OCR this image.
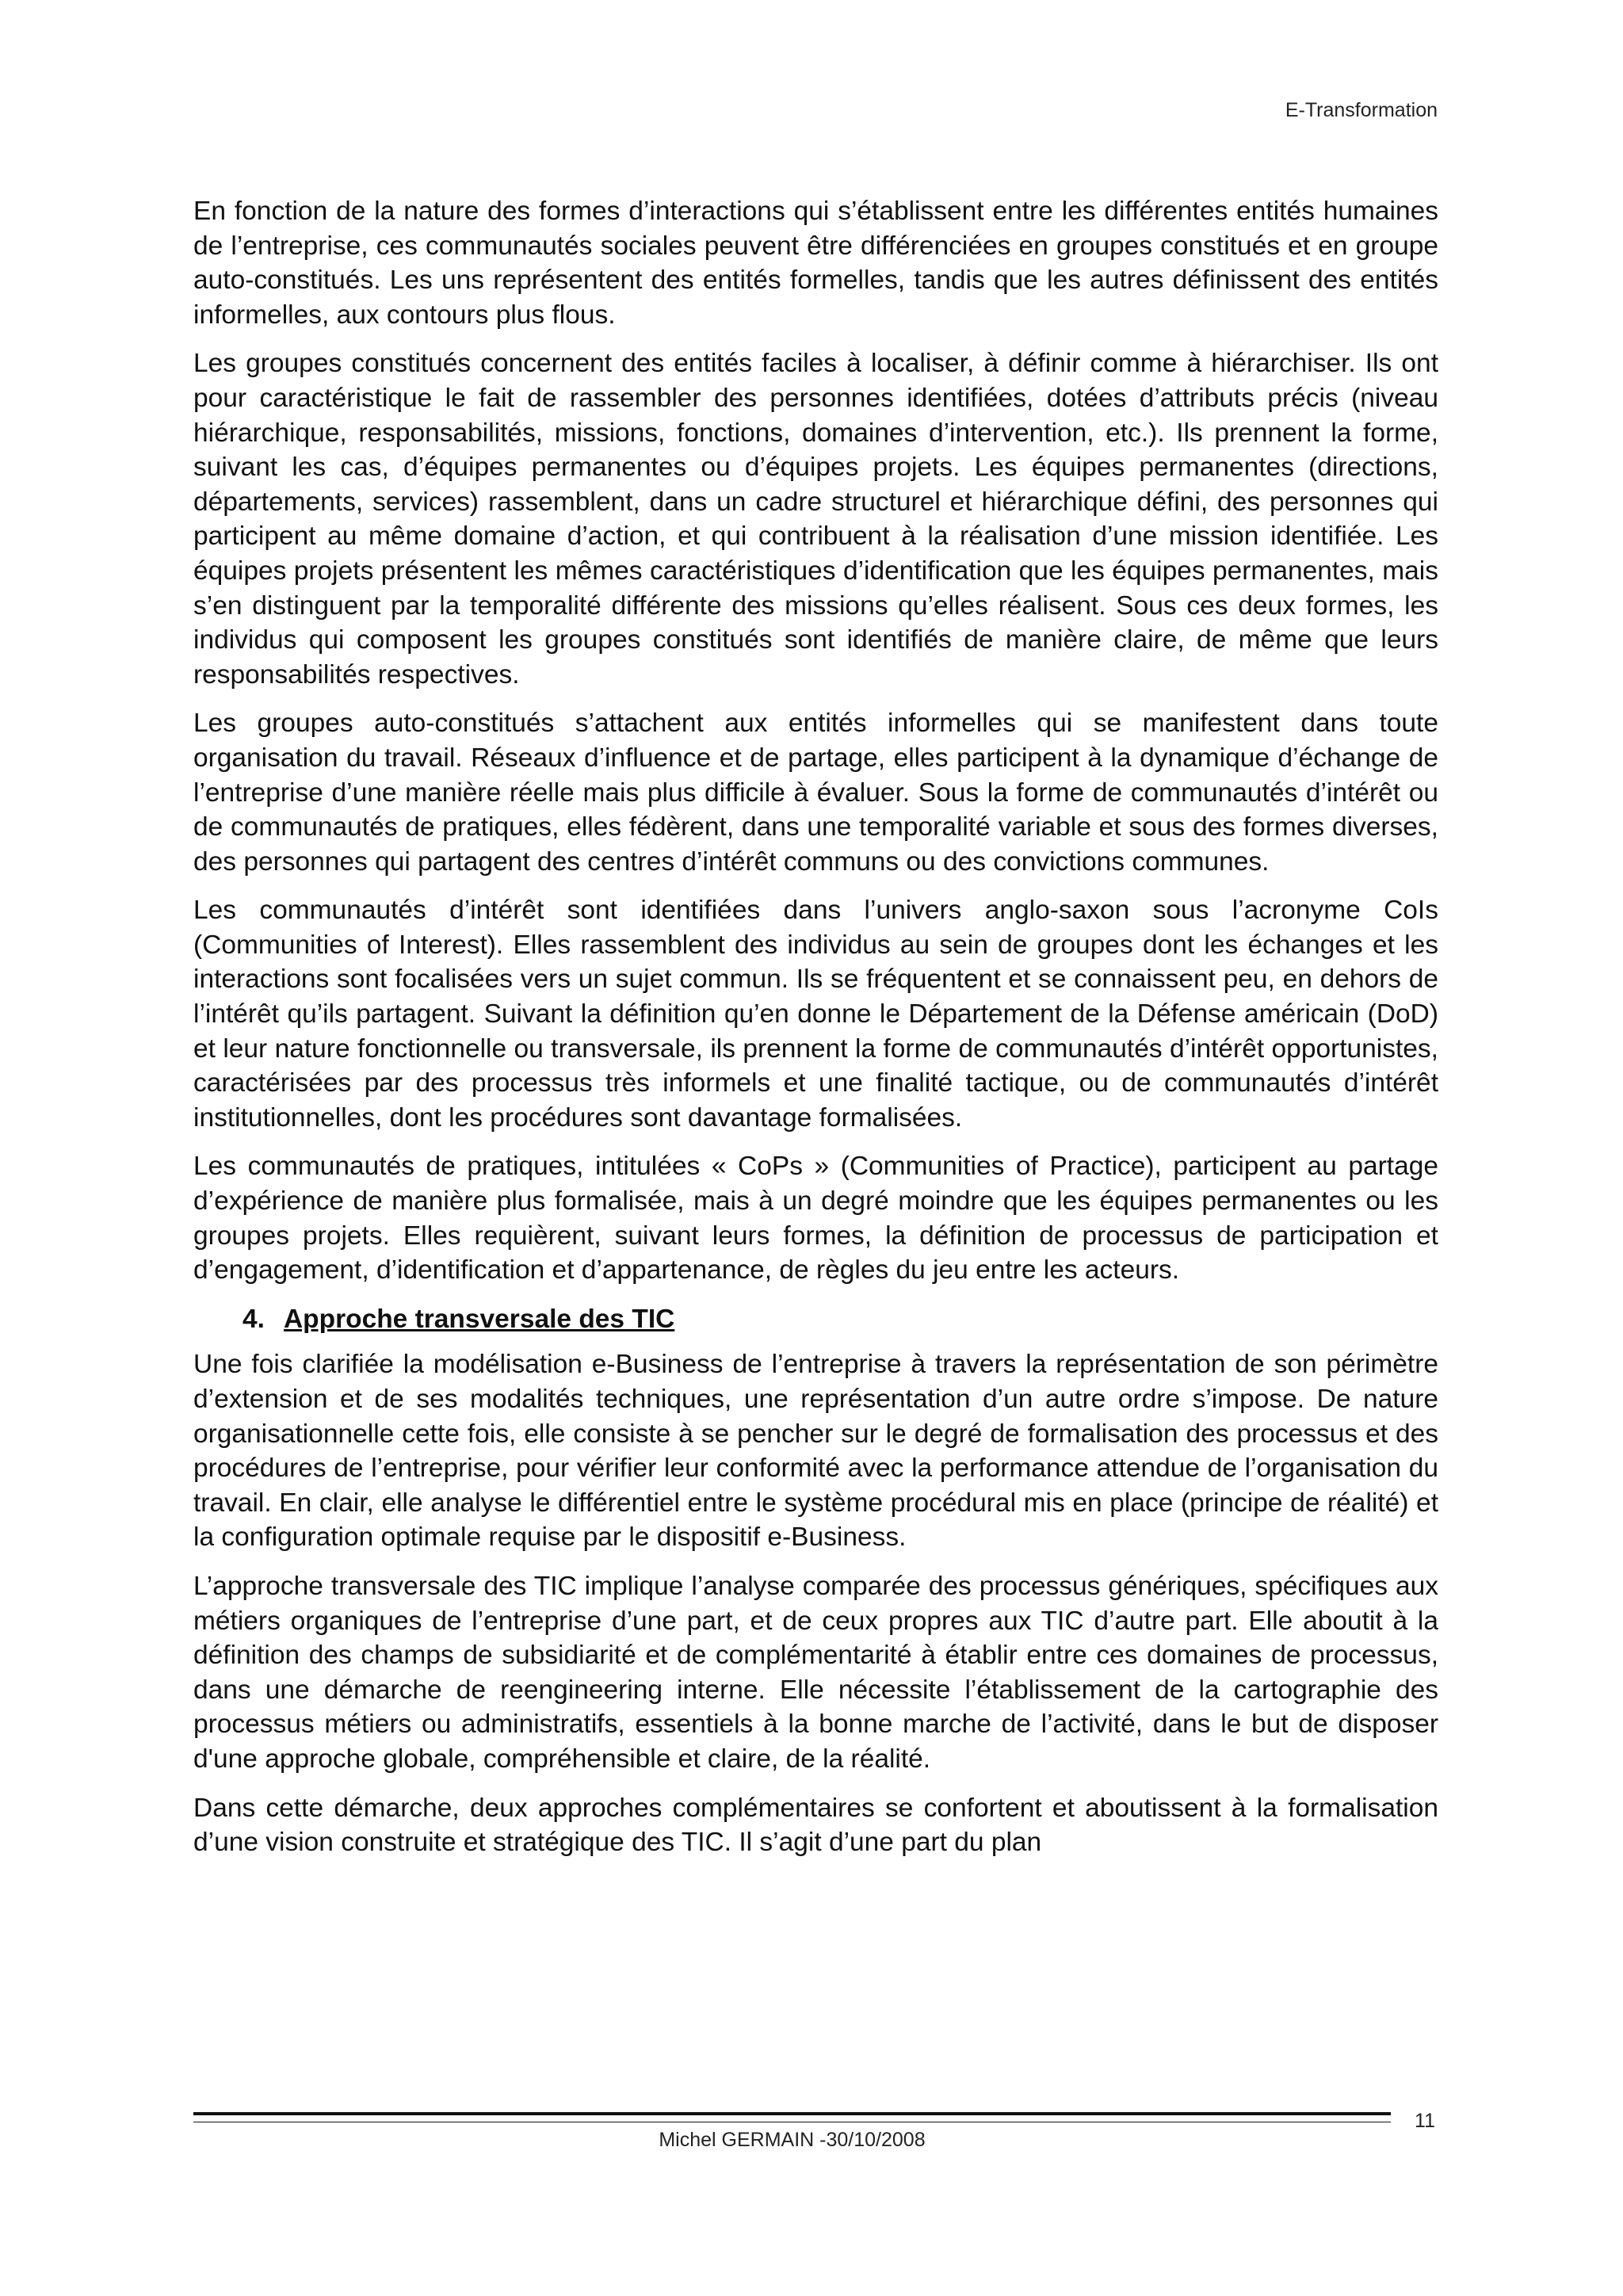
E-Transformation

En fonction de la nature des formes d’interactions qui s’établissent entre les différentes entités humaines de l’entreprise, ces communautés sociales peuvent être différenciées en groupes constitués et en groupe auto-constitués. Les uns représentent des entités formelles, tandis que les autres définissent des entités informelles, aux contours plus flous.

Les groupes constitués concernent des entités faciles à localiser, à définir comme à hiérarchiser. Ils ont pour caractéristique le fait de rassembler des personnes identifiées, dotées d’attributs précis (niveau hiérarchique, responsabilités, missions, fonctions, domaines d’intervention, etc.). Ils prennent la forme, suivant les cas, d’équipes permanentes ou d’équipes projets. Les équipes permanentes (directions, départements, services) rassemblent, dans un cadre structurel et hiérarchique défini, des personnes qui participent au même domaine d’action, et qui contribuent à la réalisation d’une mission identifiée. Les équipes projets présentent les mêmes caractéristiques d’identification que les équipes permanentes, mais s’en distinguent par la temporalité différente des missions qu’elles réalisent. Sous ces deux formes, les individus qui composent les groupes constitués sont identifiés de manière claire, de même que leurs responsabilités respectives.

Les groupes auto-constitués s’attachent aux entités informelles qui se manifestent dans toute organisation du travail. Réseaux d’influence et de partage, elles participent à la dynamique d’échange de l’entreprise d’une manière réelle mais plus difficile à évaluer. Sous la forme de communautés d’intérêt ou de communautés de pratiques, elles fédèrent, dans une temporalité variable et sous des formes diverses, des personnes qui partagent des centres d’intérêt communs ou des convictions communes.

Les communautés d’intérêt sont identifiées dans l’univers anglo-saxon sous l’acronyme CoIs (Communities of Interest). Elles rassemblent des individus au sein de groupes dont les échanges et les interactions sont focalisées vers un sujet commun. Ils se fréquentent et se connaissent peu, en dehors de l’intérêt qu’ils partagent. Suivant la définition qu’en donne le Département de la Défense américain (DoD) et leur nature fonctionnelle ou transversale, ils prennent la forme de communautés d’intérêt opportunistes, caractérisées par des processus très informels et une finalité tactique, ou de communautés d’intérêt institutionnelles, dont les procédures sont davantage formalisées.

Les communautés de pratiques, intitulées « CoPs » (Communities of Practice), participent au partage d’expérience de manière plus formalisée, mais à un degré moindre que les équipes permanentes ou les groupes projets. Elles requièrent, suivant leurs formes, la définition de processus de participation et d’engagement, d’identification et d’appartenance, de règles du jeu entre les acteurs.

4. Approche transversale des TIC

Une fois clarifiée la modélisation e-Business de l’entreprise à travers la représentation de son périmètre d’extension et de ses modalités techniques, une représentation d’un autre ordre s’impose. De nature organisationnelle cette fois, elle consiste à se pencher sur le degré de formalisation des processus et des procédures de l’entreprise, pour vérifier leur conformité avec la performance attendue de l’organisation du travail. En clair, elle analyse le différentiel entre le système procédural mis en place (principe de réalité) et la configuration optimale requise par le dispositif e-Business.

L’approche transversale des TIC implique l’analyse comparée des processus génériques, spécifiques aux métiers organiques de l’entreprise d’une part, et de ceux propres aux TIC d’autre part. Elle aboutit à la définition des champs de subsidiarité et de complémentarité à établir entre ces domaines de processus, dans une démarche de reengineering interne. Elle nécessite l’établissement de la cartographie des processus métiers ou administratifs, essentiels à la bonne marche de l’activité, dans le but de disposer d'une approche globale, compréhensible et claire, de la réalité.

Dans cette démarche, deux approches complémentaires se confortent et aboutissent à la formalisation d’une vision construite et stratégique des TIC. Il s’agit d’une part du plan

11
Michel GERMAIN -30/10/2008
